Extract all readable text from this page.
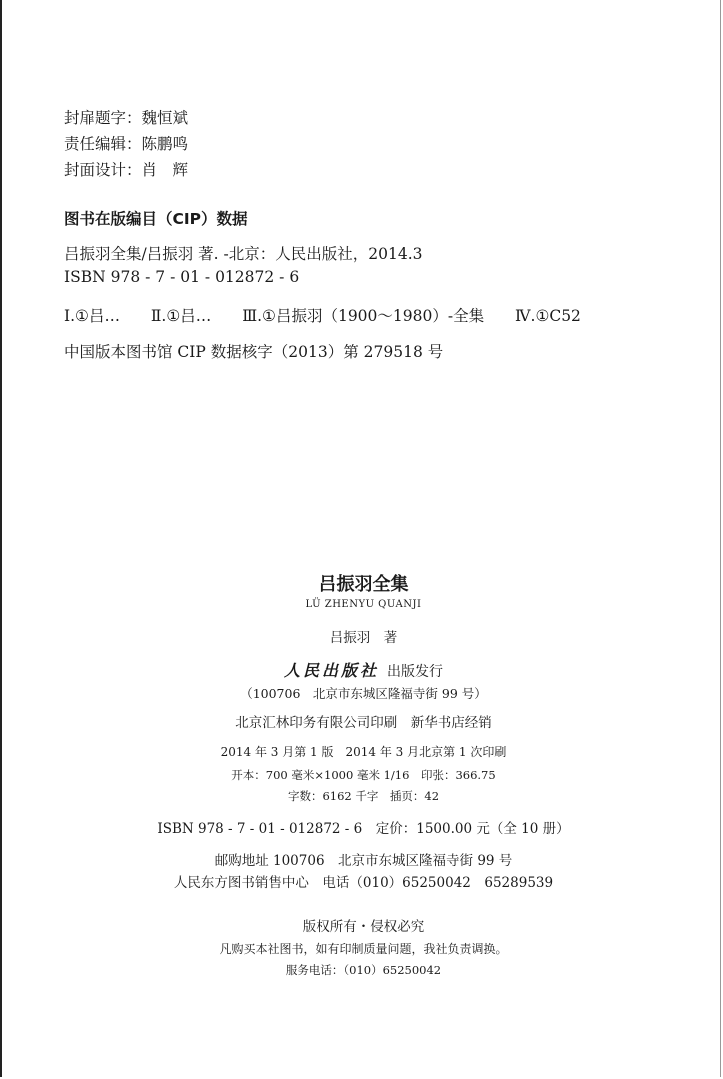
封扉题字：魏恒斌
责任编辑：陈鹏鸣
封面设计：肖　辉
图书在版编目（CIP）数据
吕振羽全集/吕振羽 著. -北京：人民出版社，2014.3
ISBN 978 - 7 - 01 - 012872 - 6
Ⅰ.①吕… Ⅱ.①吕… Ⅲ.①吕振羽（1900～1980）-全集 Ⅳ.①C52
中国版本图书馆 CIP 数据核字（2013）第 279518 号
吕振羽全集
LÜ ZHENYU QUANJI
吕振羽　著
人民出版社 出版发行
（100706　北京市东城区隆福寺街 99 号）
北京汇林印务有限公司印刷　新华书店经销
2014 年 3 月第 1 版　2014 年 3 月北京第 1 次印刷
开本：700 毫米×1000 毫米 1/16　印张：366.75
字数：6162 千字　插页：42
ISBN 978 - 7 - 01 - 012872 - 6　定价：1500.00 元（全 10 册）
邮购地址 100706　北京市东城区隆福寺街 99 号
人民东方图书销售中心　电话（010）65250042　65289539
版权所有・侵权必究
凡购买本社图书，如有印制质量问题，我社负责调换。
服务电话：（010）65250042
